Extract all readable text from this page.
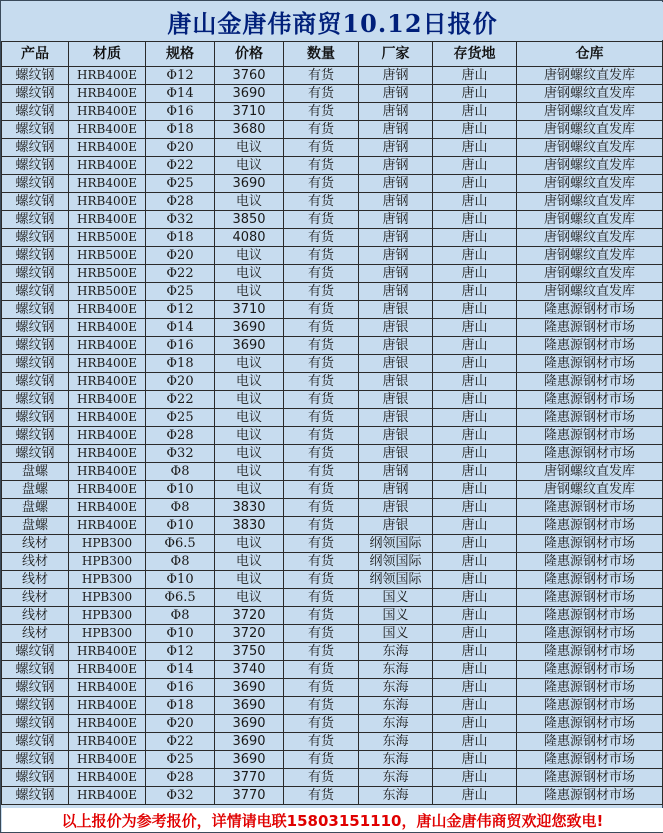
唐山金唐伟商贸10.12日报价
产品	材质	规格	价格	数量	厂家	存货地	仓库
螺纹钢	HRB400E	Φ12	3760	有货	唐钢	唐山	唐钢螺纹直发库
螺纹钢	HRB400E	Φ14	3690	有货	唐钢	唐山	唐钢螺纹直发库
螺纹钢	HRB400E	Φ16	3710	有货	唐钢	唐山	唐钢螺纹直发库
螺纹钢	HRB400E	Φ18	3680	有货	唐钢	唐山	唐钢螺纹直发库
螺纹钢	HRB400E	Φ20	电议	有货	唐钢	唐山	唐钢螺纹直发库
螺纹钢	HRB400E	Φ22	电议	有货	唐钢	唐山	唐钢螺纹直发库
螺纹钢	HRB400E	Φ25	3690	有货	唐钢	唐山	唐钢螺纹直发库
螺纹钢	HRB400E	Φ28	电议	有货	唐钢	唐山	唐钢螺纹直发库
螺纹钢	HRB400E	Φ32	3850	有货	唐钢	唐山	唐钢螺纹直发库
螺纹钢	HRB500E	Φ18	4080	有货	唐钢	唐山	唐钢螺纹直发库
螺纹钢	HRB500E	Φ20	电议	有货	唐钢	唐山	唐钢螺纹直发库
螺纹钢	HRB500E	Φ22	电议	有货	唐钢	唐山	唐钢螺纹直发库
螺纹钢	HRB500E	Φ25	电议	有货	唐钢	唐山	唐钢螺纹直发库
螺纹钢	HRB400E	Φ12	3710	有货	唐银	唐山	隆惠源钢材市场
螺纹钢	HRB400E	Φ14	3690	有货	唐银	唐山	隆惠源钢材市场
螺纹钢	HRB400E	Φ16	3690	有货	唐银	唐山	隆惠源钢材市场
螺纹钢	HRB400E	Φ18	电议	有货	唐银	唐山	隆惠源钢材市场
螺纹钢	HRB400E	Φ20	电议	有货	唐银	唐山	隆惠源钢材市场
螺纹钢	HRB400E	Φ22	电议	有货	唐银	唐山	隆惠源钢材市场
螺纹钢	HRB400E	Φ25	电议	有货	唐银	唐山	隆惠源钢材市场
螺纹钢	HRB400E	Φ28	电议	有货	唐银	唐山	隆惠源钢材市场
螺纹钢	HRB400E	Φ32	电议	有货	唐银	唐山	隆惠源钢材市场
盘螺	HRB400E	Φ8	电议	有货	唐钢	唐山	唐钢螺纹直发库
盘螺	HRB400E	Φ10	电议	有货	唐钢	唐山	唐钢螺纹直发库
盘螺	HRB400E	Φ8	3830	有货	唐银	唐山	隆惠源钢材市场
盘螺	HRB400E	Φ10	3830	有货	唐银	唐山	隆惠源钢材市场
线材	HPB300	Φ6.5	电议	有货	纲领国际	唐山	隆惠源钢材市场
线材	HPB300	Φ8	电议	有货	纲领国际	唐山	隆惠源钢材市场
线材	HPB300	Φ10	电议	有货	纲领国际	唐山	隆惠源钢材市场
线材	HPB300	Φ6.5	电议	有货	国义	唐山	隆惠源钢材市场
线材	HPB300	Φ8	3720	有货	国义	唐山	隆惠源钢材市场
线材	HPB300	Φ10	3720	有货	国义	唐山	隆惠源钢材市场
螺纹钢	HRB400E	Φ12	3750	有货	东海	唐山	隆惠源钢材市场
螺纹钢	HRB400E	Φ14	3740	有货	东海	唐山	隆惠源钢材市场
螺纹钢	HRB400E	Φ16	3690	有货	东海	唐山	隆惠源钢材市场
螺纹钢	HRB400E	Φ18	3690	有货	东海	唐山	隆惠源钢材市场
螺纹钢	HRB400E	Φ20	3690	有货	东海	唐山	隆惠源钢材市场
螺纹钢	HRB400E	Φ22	3690	有货	东海	唐山	隆惠源钢材市场
螺纹钢	HRB400E	Φ25	3690	有货	东海	唐山	隆惠源钢材市场
螺纹钢	HRB400E	Φ28	3770	有货	东海	唐山	隆惠源钢材市场
螺纹钢	HRB400E	Φ32	3770	有货	东海	唐山	隆惠源钢材市场
以上报价为参考报价，详情请电联15803151110，唐山金唐伟商贸欢迎您致电!
